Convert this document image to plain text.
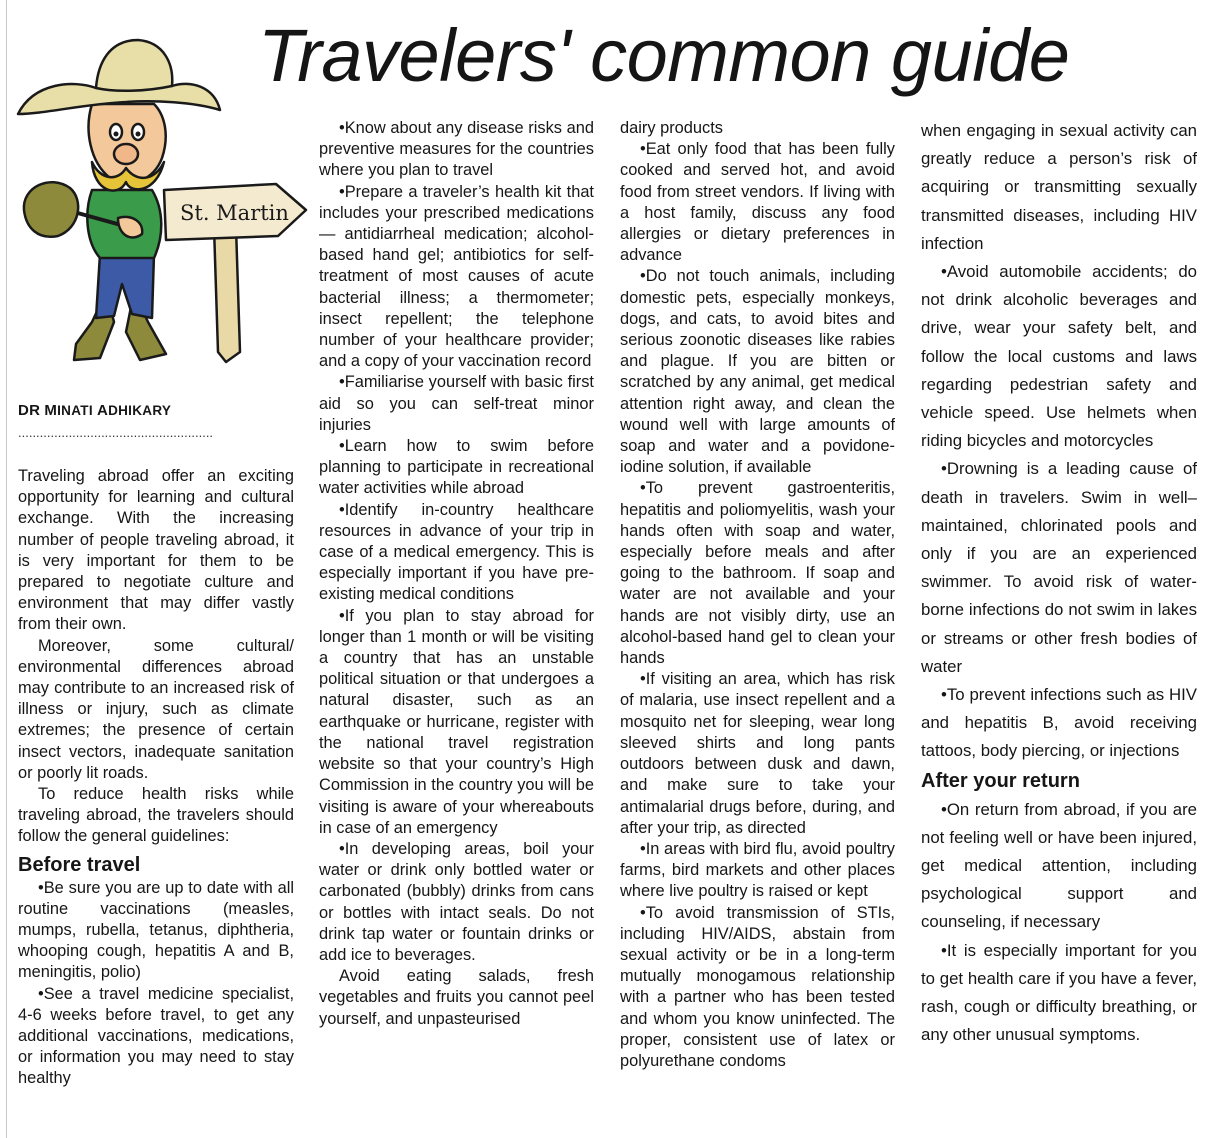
Travelers' common guide
St. Martin
DR MINATI ADHIKARY
......................................................

Traveling abroad offer an exciting opportunity for learning and cultural exchange. With the increasing number of people traveling abroad, it is very important for them to be prepared to negotiate culture and environment that may differ vastly from their own.

Moreover, some cultural/ environmental differences abroad may contribute to an increased risk of illness or injury, such as climate extremes; the presence of certain insect vectors, inadequate sanitation or poorly lit roads.

To reduce health risks while traveling abroad, the travelers should follow the general guidelines:

Before travel

•Be sure you are up to date with all routine vaccinations (measles, mumps, rubella, tetanus, diphtheria, whooping cough, hepatitis A and B, meningitis, polio)

•See a travel medicine specialist, 4-6 weeks before travel, to get any additional vaccinations, medications, or information you may need to stay healthy

•Know about any disease risks and preventive measures for the countries where you plan to travel

•Prepare a traveler’s health kit that includes your prescribed medications — antidiarrheal medication; alcohol-based hand gel; antibiotics for self-treatment of most causes of acute bacterial illness; a thermometer; insect repellent; the telephone number of your healthcare provider; and a copy of your vaccination record

•Familiarise yourself with basic first aid so you can self-treat minor injuries

•Learn how to swim before planning to participate in recreational water activities while abroad

•Identify in-country healthcare resources in advance of your trip in case of a medical emergency. This is especially important if you have pre-existing medical conditions

•If you plan to stay abroad for longer than 1 month or will be visiting a country that has an unstable political situation or that undergoes a natural disaster, such as an earthquake or hurricane, register with the national travel registration website so that your country’s High Commission in the country you will be visiting is aware of your whereabouts in case of an emergency

•In developing areas, boil your water or drink only bottled water or carbonated (bubbly) drinks from cans or bottles with intact seals. Do not drink tap water or fountain drinks or add ice to beverages.

Avoid eating salads, fresh vegetables and fruits you cannot peel yourself, and unpasteurised

dairy products

•Eat only food that has been fully cooked and served hot, and avoid food from street vendors. If living with a host family, discuss any food allergies or dietary preferences in advance

•Do not touch animals, including domestic pets, especially monkeys, dogs, and cats, to avoid bites and serious zoonotic diseases like rabies and plague. If you are bitten or scratched by any animal, get medical attention right away, and clean the wound well with large amounts of soap and water and a povidone-iodine solution, if available

•To prevent gastroenteritis, hepatitis and poliomyelitis, wash your hands often with soap and water, especially before meals and after going to the bathroom. If soap and water are not available and your hands are not visibly dirty, use an alcohol-based hand gel to clean your hands

•If visiting an area, which has risk of malaria, use insect repellent and a mosquito net for sleeping, wear long sleeved shirts and long pants outdoors between dusk and dawn, and make sure to take your antimalarial drugs before, during, and after your trip, as directed

•In areas with bird flu, avoid poultry farms, bird markets and other places where live poultry is raised or kept

•To avoid transmission of STIs, including HIV/AIDS, abstain from sexual activity or be in a long-term mutually monogamous relationship with a partner who has been tested and whom you know uninfected. The proper, consistent use of latex or polyurethane condoms

when engaging in sexual activity can greatly reduce a person’s risk of acquiring or transmitting sexually transmitted diseases, including HIV infection

•Avoid automobile accidents; do not drink alcoholic beverages and drive, wear your safety belt, and follow the local customs and laws regarding pedestrian safety and vehicle speed. Use helmets when riding bicycles and motorcycles

•Drowning is a leading cause of death in travelers. Swim in well–maintained, chlorinated pools and only if you are an experienced swimmer. To avoid risk of water-borne infections do not swim in lakes or streams or other fresh bodies of water

•To prevent infections such as HIV and hepatitis B, avoid receiving tattoos, body piercing, or injections

After your return

•On return from abroad, if you are not feeling well or have been injured, get medical attention, including psychological support and counseling, if necessary

•It is especially important for you to get health care if you have a fever, rash, cough or difficulty breathing, or any other unusual symptoms.
